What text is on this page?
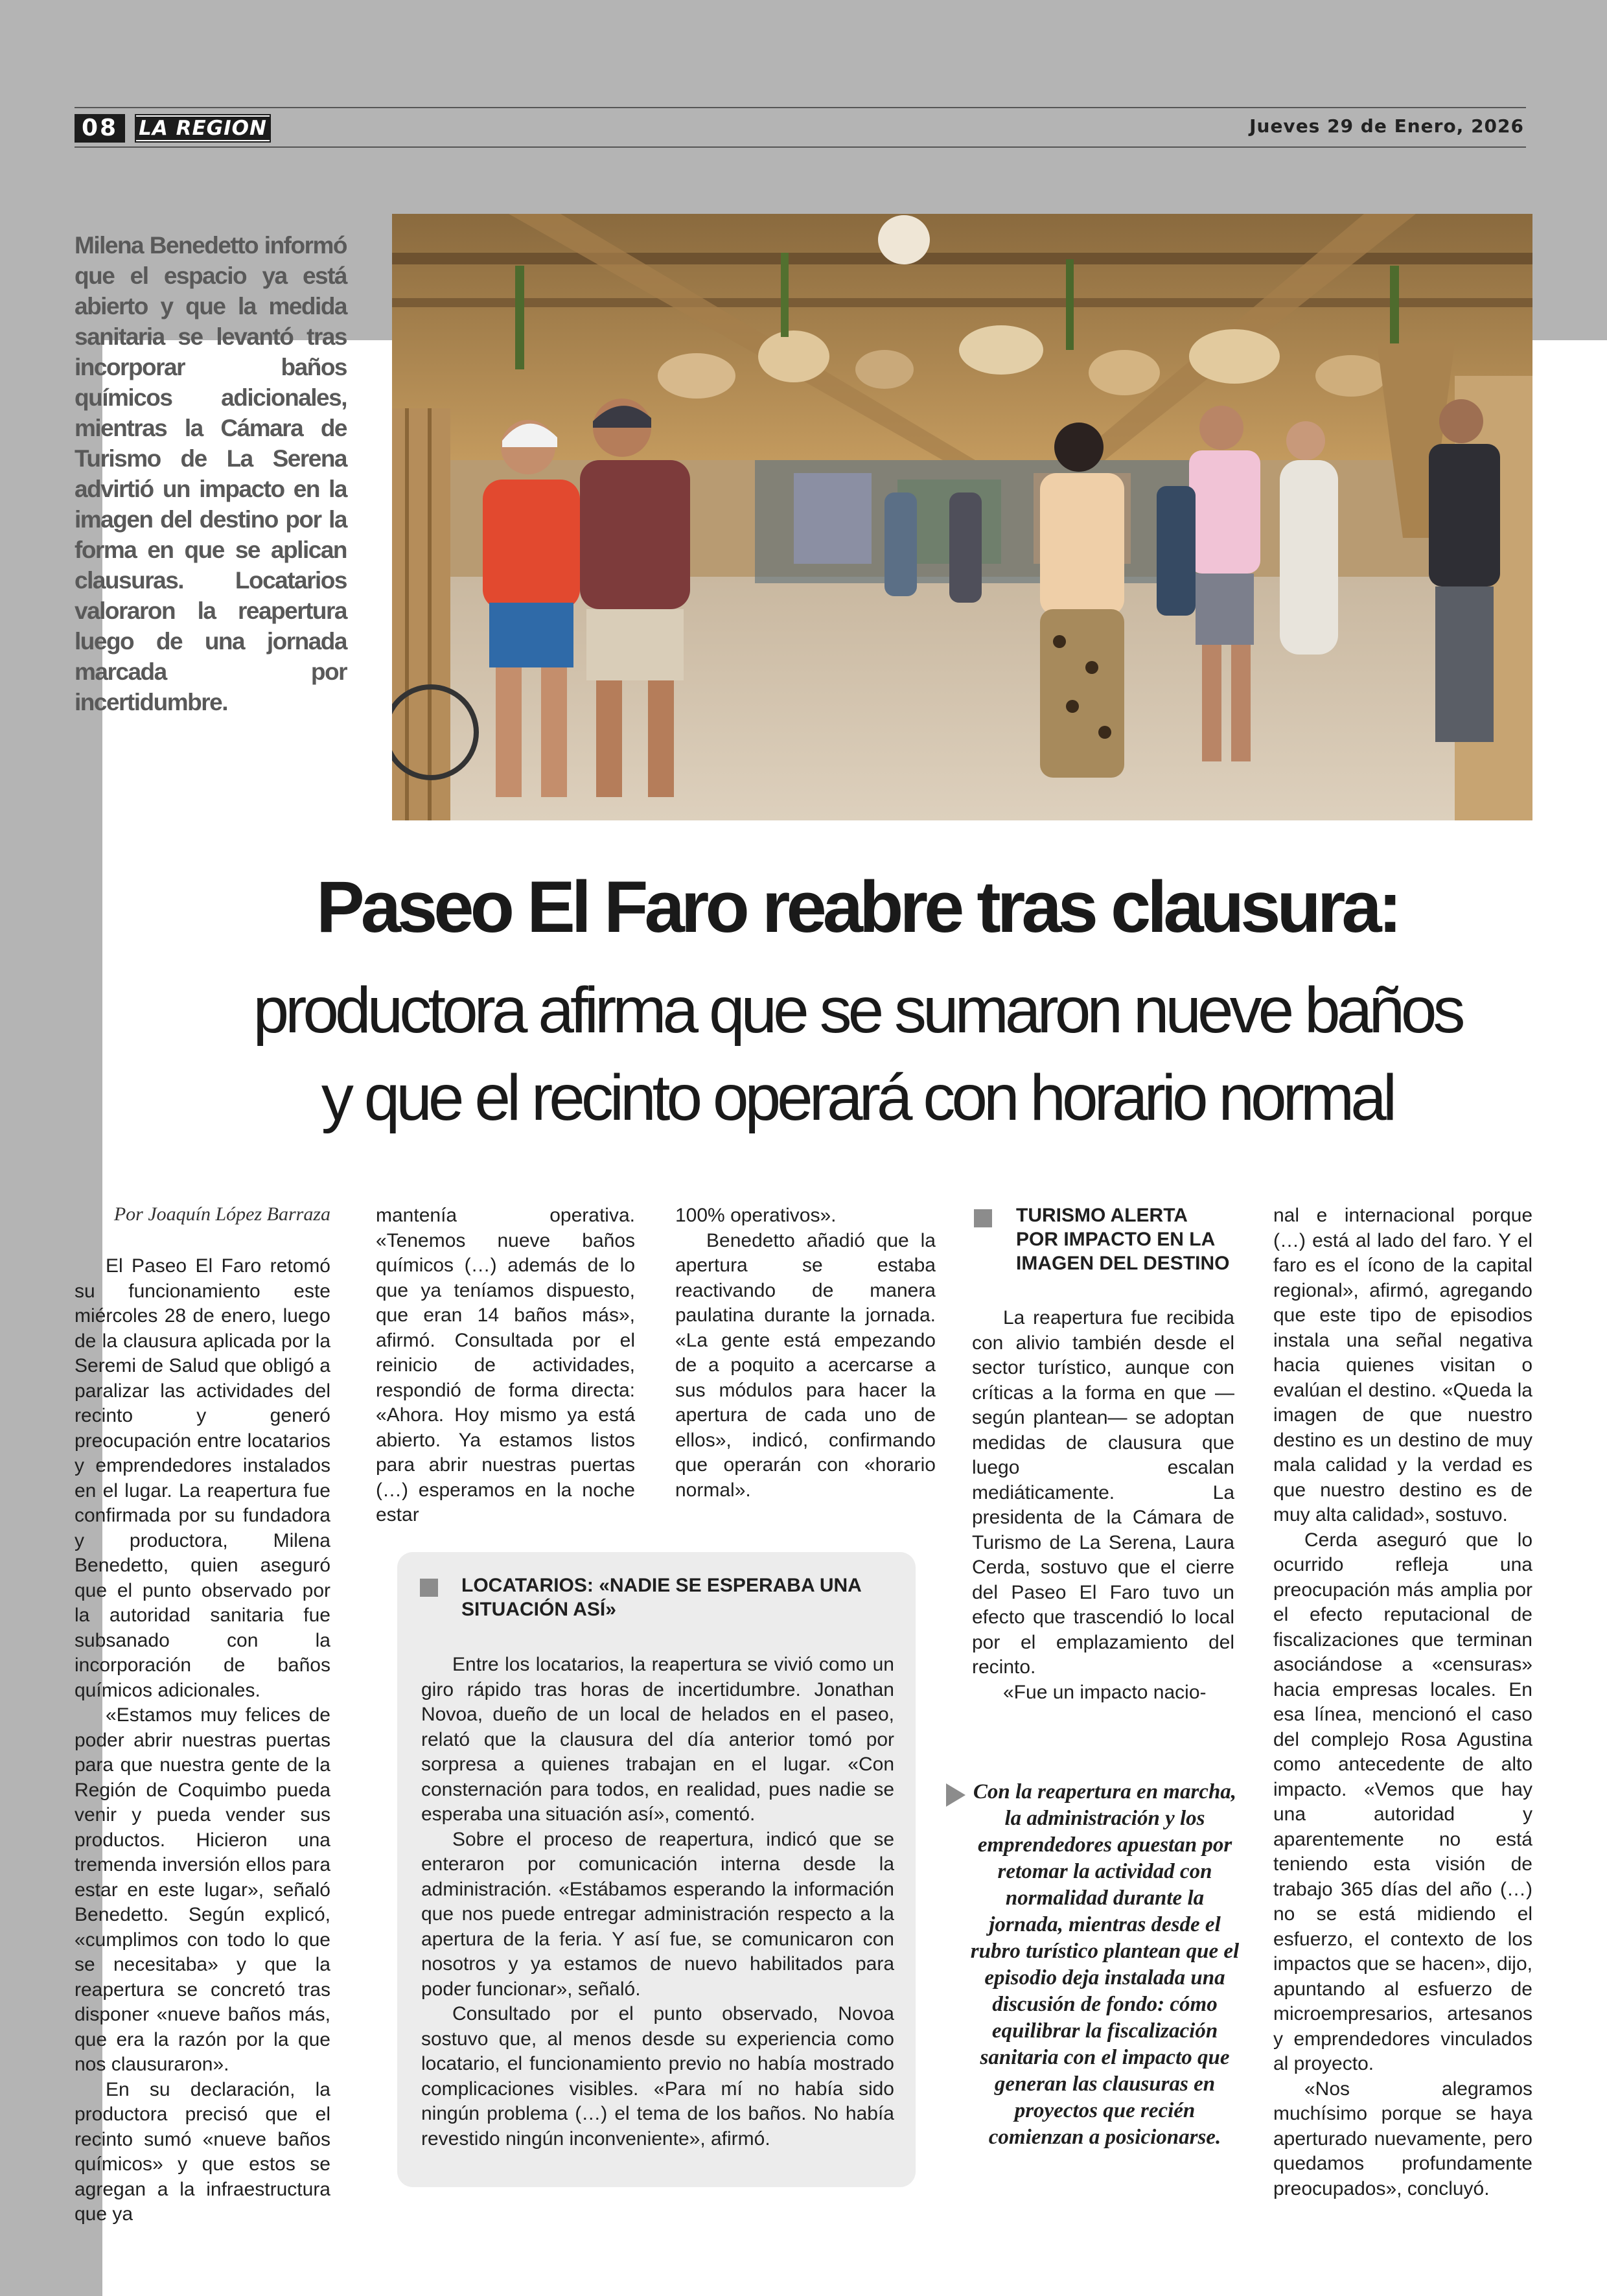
08	LA REGION	Jueves 29 de Enero, 2026
Milena Benedetto informó que el espacio ya está abierto y que la medida sanitaria se levantó tras incorporar baños químicos adicionales, mientras la Cámara de Turismo de La Serena advirtió un impacto en la imagen del destino por la forma en que se aplican clausuras. Locatarios valoraron la reapertura luego de una jornada marcada por incertidumbre.
Paseo El Faro reabre tras clausura:
productora afirma que se sumaron nueve baños
y que el recinto operará con horario normal
Por Joaquín López Barraza

El Paseo El Faro retomó su funcionamiento este miércoles 28 de enero, luego de la clausura aplicada por la Seremi de Salud que obligó a paralizar las actividades del recinto y generó preocupación entre locatarios y emprendedores instalados en el lugar. La reapertura fue confirmada por su fundadora y productora, Milena Benedetto, quien aseguró que el punto observado por la autoridad sanitaria fue subsanado con la incorporación de baños químicos adicionales.

«Estamos muy felices de poder abrir nuestras puertas para que nuestra gente de la Región de Coquimbo pueda venir y pueda vender sus productos. Hicieron una tremenda inversión ellos para estar en este lugar», señaló Benedetto. Según explicó, «cumplimos con todo lo que se necesitaba» y que la reapertura se concretó tras disponer «nueve baños más, que era la razón por la que nos clausuraron».

En su declaración, la productora precisó que el recinto sumó «nueve baños químicos» y que estos se agregan a la infraestructura que ya

mantenía operativa. «Tenemos nueve baños químicos (…) además de lo que ya teníamos dispuesto, que eran 14 baños más», afirmó. Consultada por el reinicio de actividades, respondió de forma directa: «Ahora. Hoy mismo ya está abierto. Ya estamos listos para abrir nuestras puertas (…) esperamos en la noche estar

100% operativos».

Benedetto añadió que la apertura se estaba reactivando de manera paulatina durante la jornada. «La gente está empezando de a poquito a acercarse a sus módulos para hacer la apertura de cada uno de ellos», indicó, confirmando que operarán con «horario normal».

LOCATARIOS: «NADIE SE ESPERABA UNA SITUACIÓN ASÍ»

Entre los locatarios, la reapertura se vivió como un giro rápido tras horas de incertidumbre. Jonathan Novoa, dueño de un local de helados en el paseo, relató que la clausura del día anterior tomó por sorpresa a quienes trabajan en el lugar. «Con consternación para todos, en realidad, pues nadie se esperaba una situación así», comentó.

Sobre el proceso de reapertura, indicó que se enteraron por comunicación interna desde la administración. «Estábamos esperando la información que nos puede entregar administración respecto a la apertura de la feria. Y así fue, se comunicaron con nosotros y ya estamos de nuevo habilitados para poder funcionar», señaló.

Consultado por el punto observado, Novoa sostuvo que, al menos desde su experiencia como locatario, el funcionamiento previo no había mostrado complicaciones visibles. «Para mí no había sido ningún problema (…) el tema de los baños. No había revestido ningún inconveniente», afirmó.

TURISMO ALERTA POR IMPACTO EN LA IMAGEN DEL DESTINO

La reapertura fue recibida con alivio también desde el sector turístico, aunque con críticas a la forma en que —según plantean— se adoptan medidas de clausura que luego escalan mediáticamente. La presidenta de la Cámara de Turismo de La Serena, Laura Cerda, sostuvo que el cierre del Paseo El Faro tuvo un efecto que trascendió lo local por el emplazamiento del recinto.

«Fue un impacto nacio-

Con la reapertura en marcha, la administración y los emprendedores apuestan por retomar la actividad con normalidad durante la jornada, mientras desde el rubro turístico plantean que el episodio deja instalada una discusión de fondo: cómo equilibrar la fiscalización sanitaria con el impacto que generan las clausuras en proyectos que recién comienzan a posicionarse.

nal e internacional porque (…) está al lado del faro. Y el faro es el ícono de la capital regional», afirmó, agregando que este tipo de episodios instala una señal negativa hacia quienes visitan o evalúan el destino. «Queda la imagen de que nuestro destino es un destino de muy mala calidad y la verdad es que nuestro destino es de muy alta calidad», sostuvo.

Cerda aseguró que lo ocurrido refleja una preocupación más amplia por el efecto reputacional de fiscalizaciones que terminan asociándose a «censuras» hacia empresas locales. En esa línea, mencionó el caso del complejo Rosa Agustina como antecedente de alto impacto. «Vemos que hay una autoridad y aparentemente no está teniendo esta visión de trabajo 365 días del año (…) no se está midiendo el esfuerzo, el contexto de los impactos que se hacen», dijo, apuntando al esfuerzo de microempresarios, artesanos y emprendedores vinculados al proyecto.

«Nos alegramos muchísimo porque se haya aperturado nuevamente, pero quedamos profundamente preocupados», concluyó.
